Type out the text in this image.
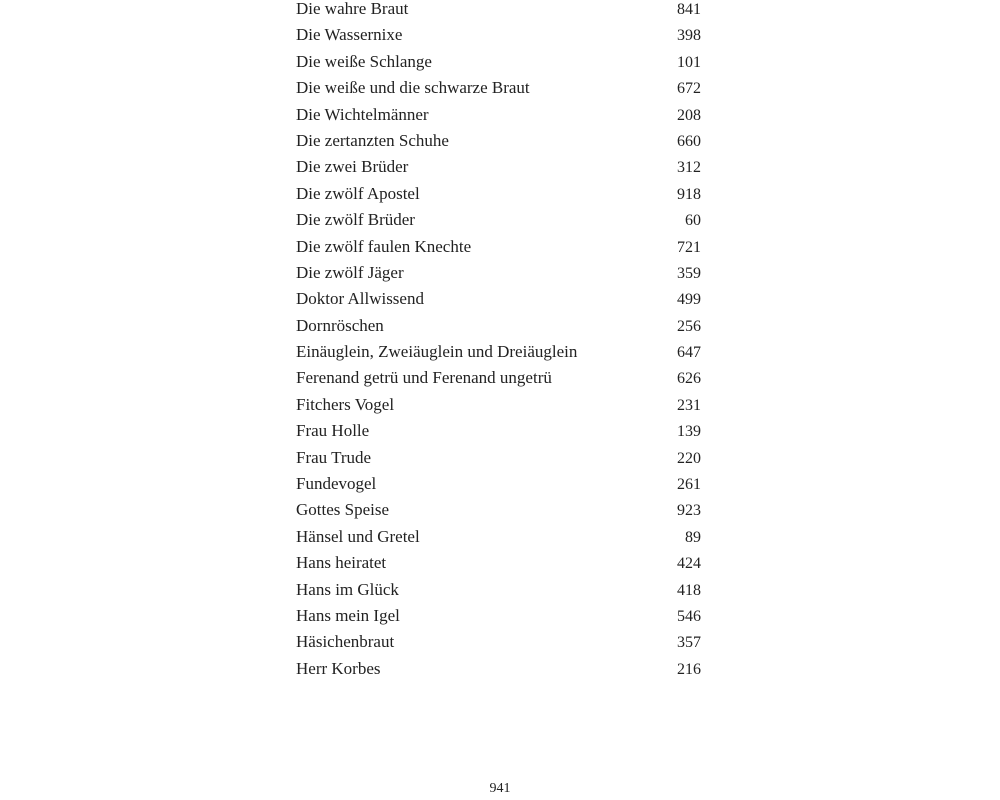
Die wahre Braut	841
Die Wassernixe	398
Die weiße Schlange	101
Die weiße und die schwarze Braut	672
Die Wichtelmänner	208
Die zertanzten Schuhe	660
Die zwei Brüder	312
Die zwölf Apostel	918
Die zwölf Brüder	60
Die zwölf faulen Knechte	721
Die zwölf Jäger	359
Doktor Allwissend	499
Dornröschen	256
Einäuglein, Zweiäuglein und Dreiäuglein	647
Ferenand getrü und Ferenand ungetrü	626
Fitchers Vogel	231
Frau Holle	139
Frau Trude	220
Fundevogel	261
Gottes Speise	923
Hänsel und Gretel	89
Hans heiratet	424
Hans im Glück	418
Hans mein Igel	546
Häsichenbraut	357
Herr Korbes	216
941
